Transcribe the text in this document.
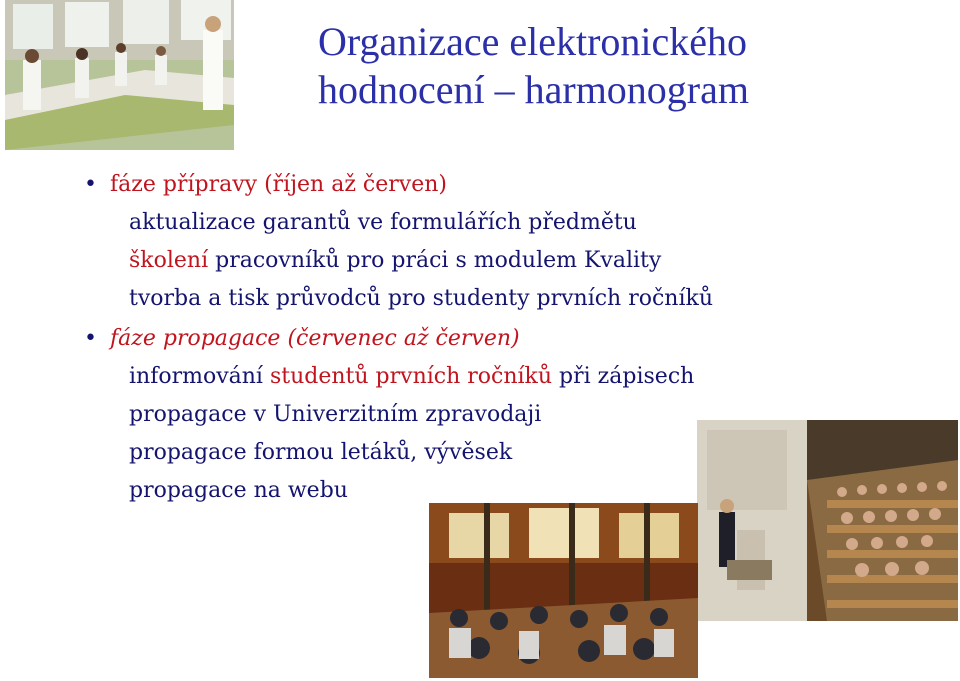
Organizace elektronického
hodnocení – harmonogram
• fáze přípravy (říjen až červen)
aktualizace garantů ve formulářích předmětu
školení pracovníků pro práci s modulem Kvality
tvorba a tisk průvodců pro studenty prvních ročníků
• fáze propagace (červenec až červen)
informování studentů prvních ročníků při zápisech
propagace v Univerzitním zpravodaji
propagace formou letáků, vývěsek
propagace na webu
